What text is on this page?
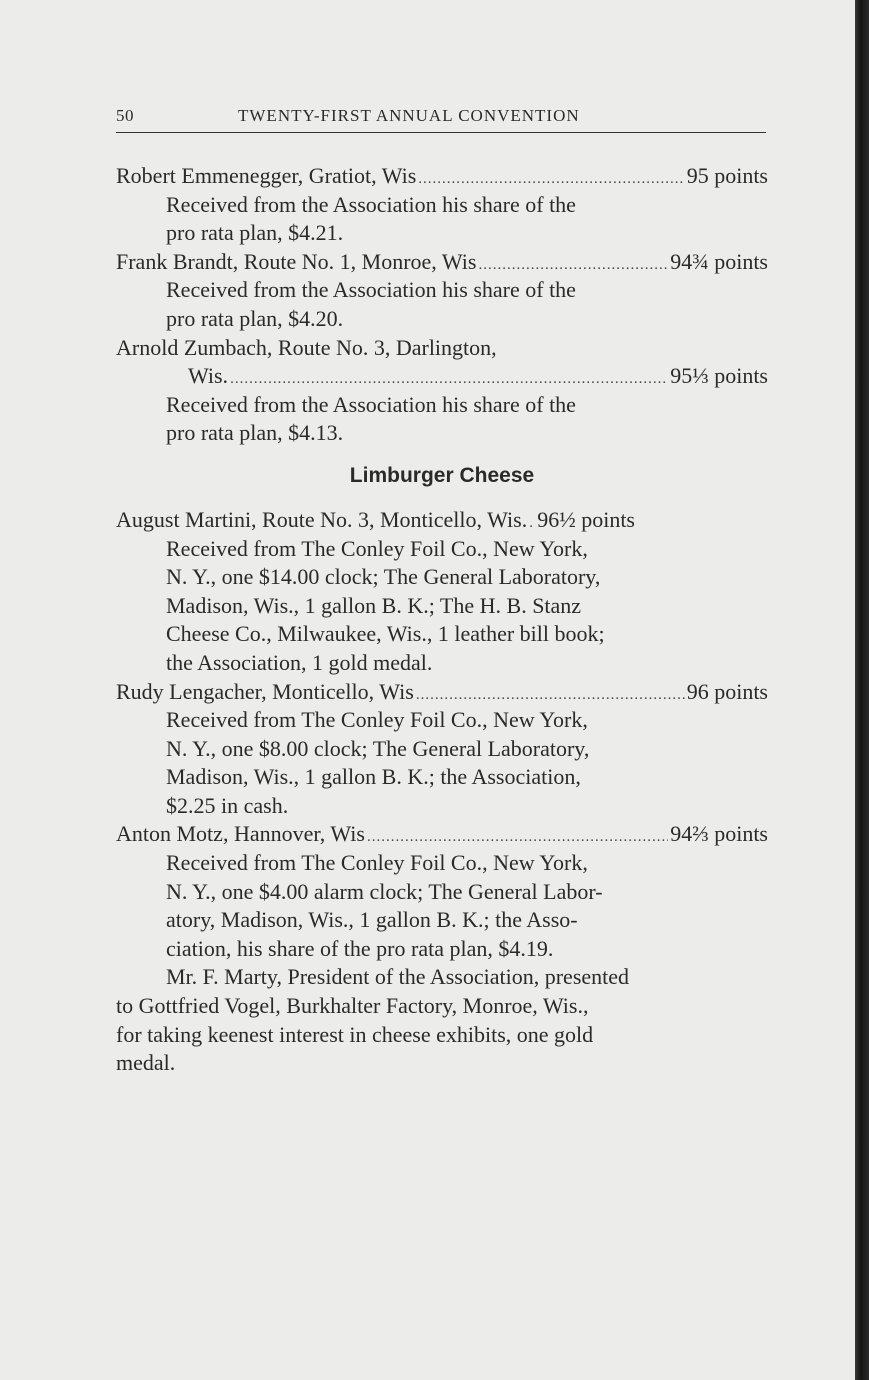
50	TWENTY-FIRST ANNUAL CONVENTION
Robert Emmenegger, Gratiot, Wis .....	95 points
Received from the Association his share of the
pro rata plan, $4.21.
Frank Brandt, Route No. 1, Monroe, Wis .....	94¾ points
Received from the Association his share of the
pro rata plan, $4.20.
Arnold Zumbach, Route No. 3, Darlington,
Wis. .....	95⅓ points
Received from the Association his share of the
pro rata plan, $4.13.
Limburger Cheese
August Martini, Route No. 3, Monticello, Wis. ..... 96½ points
Received from The Conley Foil Co., New York,
N. Y., one $14.00 clock; The General Laboratory,
Madison, Wis., 1 gallon B. K.; The H. B. Stanz
Cheese Co., Milwaukee, Wis., 1 leather bill book;
the Association, 1 gold medal.
Rudy Lengacher, Monticello, Wis .....	96 points
Received from The Conley Foil Co., New York,
N. Y., one $8.00 clock; The General Laboratory,
Madison, Wis., 1 gallon B. K.; the Association,
$2.25 in cash.
Anton Motz, Hannover, Wis .....	94⅔ points
Received from The Conley Foil Co., New York,
N. Y., one $4.00 alarm clock; The General Labor-
atory, Madison, Wis., 1 gallon B. K.; the Asso-
ciation, his share of the pro rata plan, $4.19.
Mr. F. Marty, President of the Association, presented
to Gottfried Vogel, Burkhalter Factory, Monroe, Wis.,
for taking keenest interest in cheese exhibits, one gold
medal.
